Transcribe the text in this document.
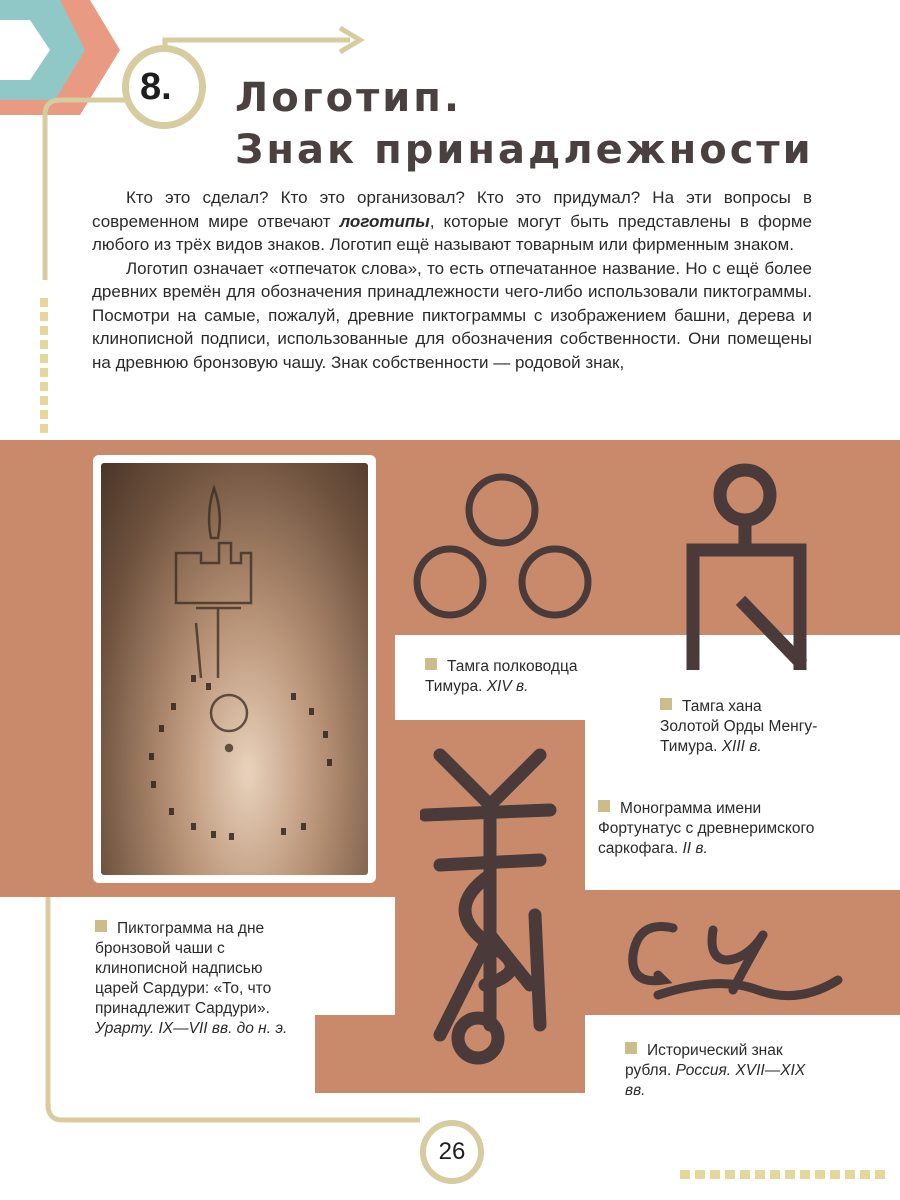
8. Логотип.
Знак принадлежности

Кто это сделал? Кто это организовал? Кто это придумал? На эти вопросы в современном мире отвечают логотипы, которые могут быть представлены в форме любого из трёх видов знаков. Логотип ещё называют товарным или фирменным знаком.

Логотип означает «отпечаток слова», то есть отпечатанное название. Но с ещё более древних времён для обозначения принадлежности чего-либо использовали пиктограммы. Посмотри на самые, пожалуй, древние пиктограммы с изображением башни, дерева и клинописной подписи, использованные для обозначения собственности. Они помещены на древнюю бронзовую чашу. Знак собственности — родовой знак,

Тамга полководца Тимура. XIV в.
Тамга хана Золотой Орды Менгу-Тимура. XIII в.
Монограмма имени Фортунатус с древнеримского саркофага. II в.
Пиктограмма на дне бронзовой чаши с клинописной надписью царей Сардури: «То, что принадлежит Сардури». Урарту. IX—VII вв. до н. э.
Исторический знак рубля. Россия. XVII—XIX вв.
26
